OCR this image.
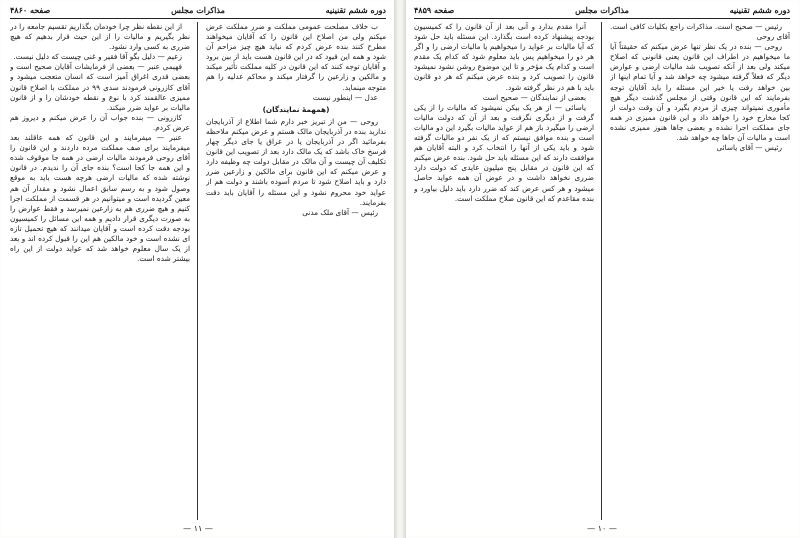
دوره ششم تقنینیه
مذاکرات مجلس
صفحه ۴۸۶۰

ب خلاف مصلحت عمومی مملکت و ضرر مملکت عرض میکنم ولی من اصلاح این قانون را که آقایان میخواهند مطرح کنند بنده عرض کردم که نباید هیچ چیز مزاحم آن شود و همه این قیود که در این قانون هست باید از بین برود و آقایان توجه کنند که این قانون در کلیه مملکت تأثیر میکند و مالکین و زارعین را گرفتار میکند و محاکم عدلیه را هم متوجه مینماید.

عدل — اینطور نیست

(همهمهٔ نمایندگان)

روحی — من از تبریز خبر دارم شما اطلاع از آذربایجان ندارید بنده در آذربایجان مالک هستم و عرض میکنم ملاحظه بفرمائید اگر در آذربایجان یا در عراق یا جای دیگر چهار فرسخ خاک باشد که یک مالک دارد بعد از تصویب این قانون تکلیف آن چیست و آن مالک در مقابل دولت چه وظیفه دارد و عرض میکنم که این قانون برای مالکین و زارعین ضرر دارد و باید اصلاح شود تا مردم آسوده باشند و دولت هم از عواید خود محروم نشود و این مسئله را آقایان باید دقت بفرمایند.

رئیس — آقای ملک مدنی

از این نقطه نظر چرا خودمان بگذاریم تقسیم جامعه را در نظر بگیریم و مالیات را از این حیث قرار بدهیم که هیچ ضرری به کسی وارد نشود.

زعیم — دلیل بگو آقا فقیر و غنی چیست که دلیل نیست.

فهیمی عنبر — بعضی از فرمایشات آقایان صحیح است و بعضی قدری اغراق آمیز است که انسان متعجب میشود و آقای کازرونی فرمودند سدی ۹۹ در مملکت با اصلاح قانون ممیزی عالقمند کرد با نوع و نقطه خودشان را و از قانون مالیات بر عواید ضرر میکند.

کازرونی — بنده جواب آن را عرض میکنم و دیروز هم عرض کردم.

عنبر — میفرمایند و این قانون که همه عاقلند بعد میفرمایند برای صف مملکت مرده داردند و این قانون را آقای روحی فرمودند مالیات ارضی در همه جا موقوف شده و این همه جا کجا است؟ بنده جای آن را ندیدم. در قانون نوشته شده که مالیات ارضی هرچه هست باید به موقع وصول شود و به رسم سابق اعمال نشود و مقدار آن هم معین گردیده است و میتوانیم در هر قسمت از مملکت اجرا کنیم و هیچ ضرری هم به زارعین نمیرسد و فقط عوارض را به صورت دیگری قرار دادیم و همه این مسائل را کمیسیون بودجه دقت کرده است و آقایان میدانند که هیچ تحمیل تازه ای نشده است و خود مالکین هم این را قبول کرده اند و بعد از یک سال معلوم خواهد شد که عواید دولت از این راه بیشتر شده است.

— ۱۱ —
دوره ششم تقنینیه
مذاکرات مجلس
صفحه ۴۸۵۹

رئیس — صحیح است. مذاکرات راجع بکلیات کافی است. آقای روحی

روحی — بنده در یک نظر تنها عرض میکنم که حقیقتاً آیا ما میخواهیم در اطراف این قانون یعنی قانونی که اصلاح میکند ولی بعد از آنکه تصویب شد مالیات ارضی و عوارض دیگر که فعلاً گرفته میشود چه خواهد شد و آیا تمام اینها از بین خواهد رفت یا خیر این مسئله را باید آقایان توجه بفرمایند که این قانون وقتی از مجلس گذشت دیگر هیچ مأموری نمیتواند چیزی از مردم بگیرد و آن وقت دولت از کجا مخارج خود را خواهد داد و این قانون ممیزی در همه جای مملکت اجرا نشده و بعضی جاها هنوز ممیزی نشده است و مالیات آن جاها چه خواهد شد.

رئیس — آقای یاسائی

آنرا مقدم بدارد و آنی بعد از آن قانون را که کمیسیون بودجه پیشنهاد کرده است بگذارد. این مسئله باید حل شود که آیا مالیات بر عواید را میخواهیم یا مالیات ارضی را و اگر هر دو را میخواهیم پس باید معلوم شود که کدام یک مقدم است و کدام یک مؤخر و تا این موضوع روشن نشود نمیشود قانون را تصویب کرد و بنده عرض میکنم که هر دو قانون باید با هم در نظر گرفته شود.

بعضی از نمایندگان — صحیح است

یاسائی — از هر یک بیکن نمیشود که مالیات را از یکی گرفت و از دیگری نگرفت و بعد از آن که دولت مالیات ارضی را میگیرد باز هم از عواید مالیات بگیرد این دو مالیات است و بنده موافق نیستم که از یک نفر دو مالیات گرفته شود و باید یکی از آنها را انتخاب کرد و البته آقایان هم موافقت دارند که این مسئله باید حل شود. بنده عرض میکنم که این قانون در مقابل پنج میلیون عایدی که دولت دارد ضرری نخواهد داشت و در عوض آن همه عواید حاصل میشود و هر کس عرض کند که ضرر دارد باید دلیل بیاورد و بنده مقاعدم که این قانون صلاح مملکت است.

— ۱۰ —
